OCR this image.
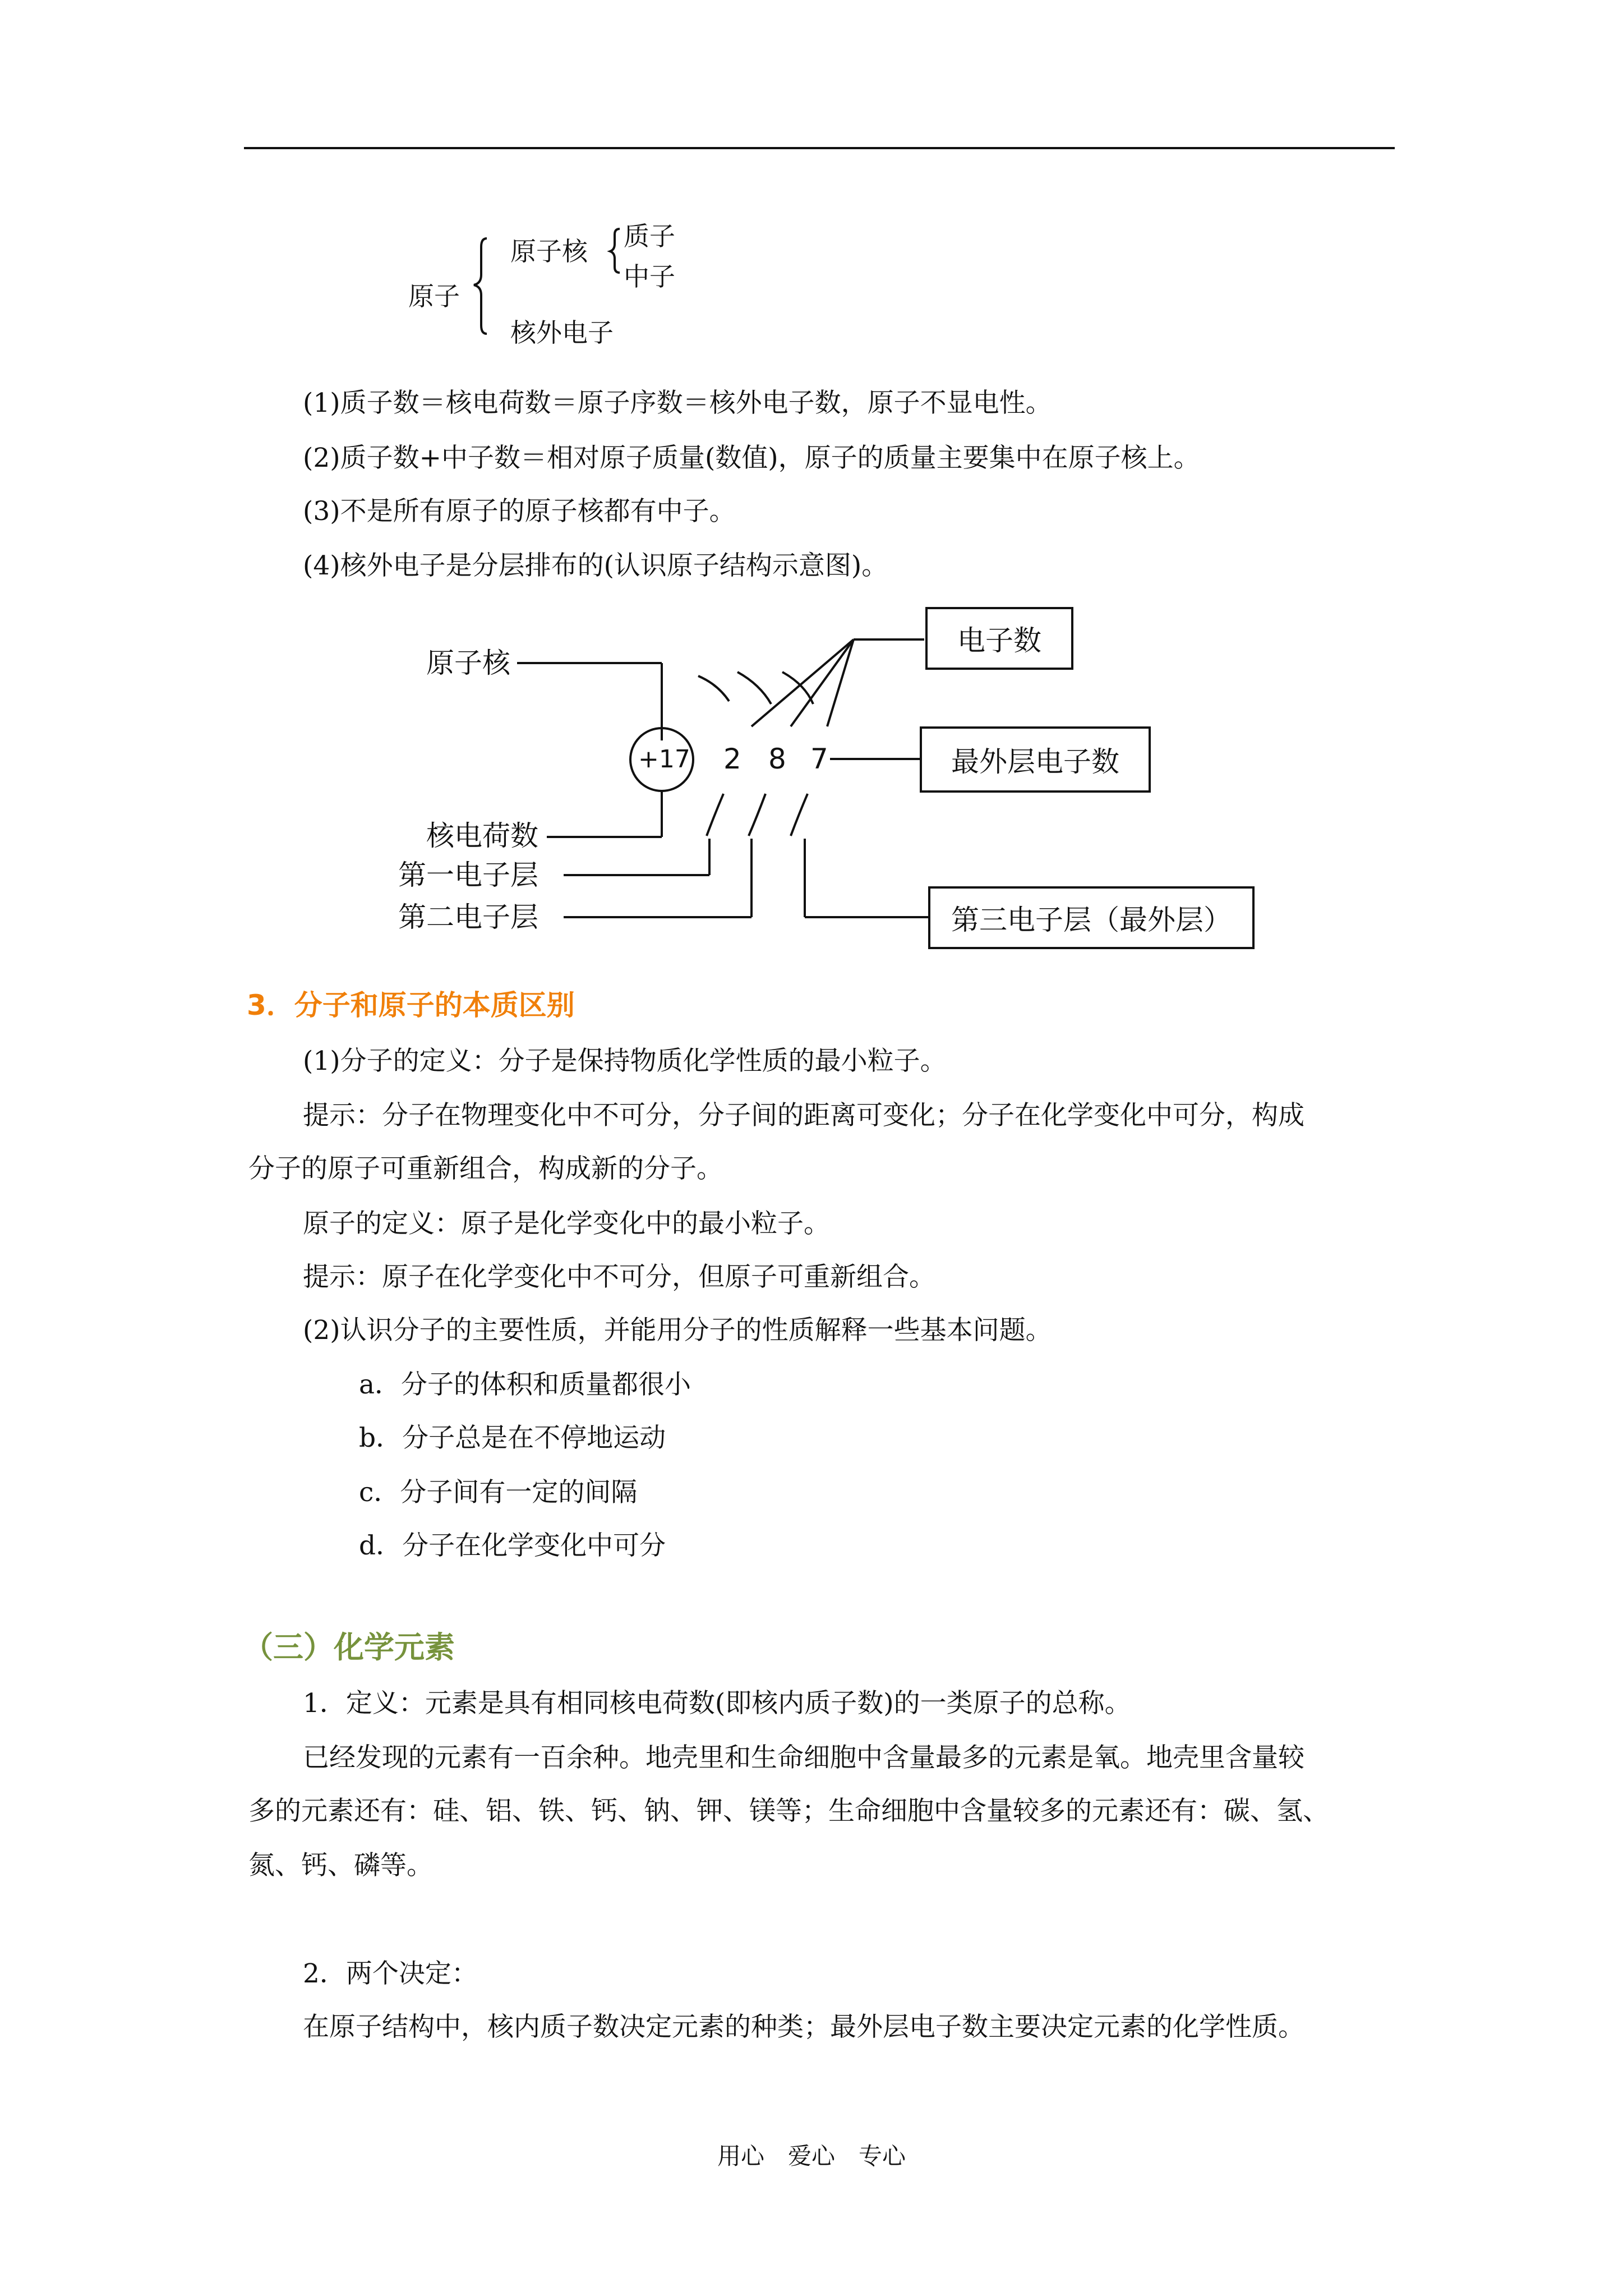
原子
原子核 质子
中子
核外电子
(1)质子数＝核电荷数＝原子序数＝核外电子数，原子不显电性。
(2)质子数+中子数＝相对原子质量(数值)，原子的质量主要集中在原子核上。
(3)不是所有原子的原子核都有中子。
(4)核外电子是分层排布的(认识原子结构示意图)。
原子核
核电荷数
第一电子层
第二电子层
+17 2 8 7
电子数
最外层电子数
第三电子层（最外层）
3．分子和原子的本质区别
(1)分子的定义：分子是保持物质化学性质的最小粒子。
提示：分子在物理变化中不可分，分子间的距离可变化；分子在化学变化中可分，构成
分子的原子可重新组合，构成新的分子。
原子的定义：原子是化学变化中的最小粒子。
提示：原子在化学变化中不可分，但原子可重新组合。
(2)认识分子的主要性质，并能用分子的性质解释一些基本问题。
a．分子的体积和质量都很小
b．分子总是在不停地运动
c．分子间有一定的间隔
d．分子在化学变化中可分
（三）化学元素
1．定义：元素是具有相同核电荷数(即核内质子数)的一类原子的总称。
已经发现的元素有一百余种。地壳里和生命细胞中含量最多的元素是氧。地壳里含量较
多的元素还有：硅、铝、铁、钙、钠、钾、镁等；生命细胞中含量较多的元素还有：碳、氢、
氮、钙、磷等。
2．两个决定：
在原子结构中，核内质子数决定元素的种类；最外层电子数主要决定元素的化学性质。
用心　爱心　专心
